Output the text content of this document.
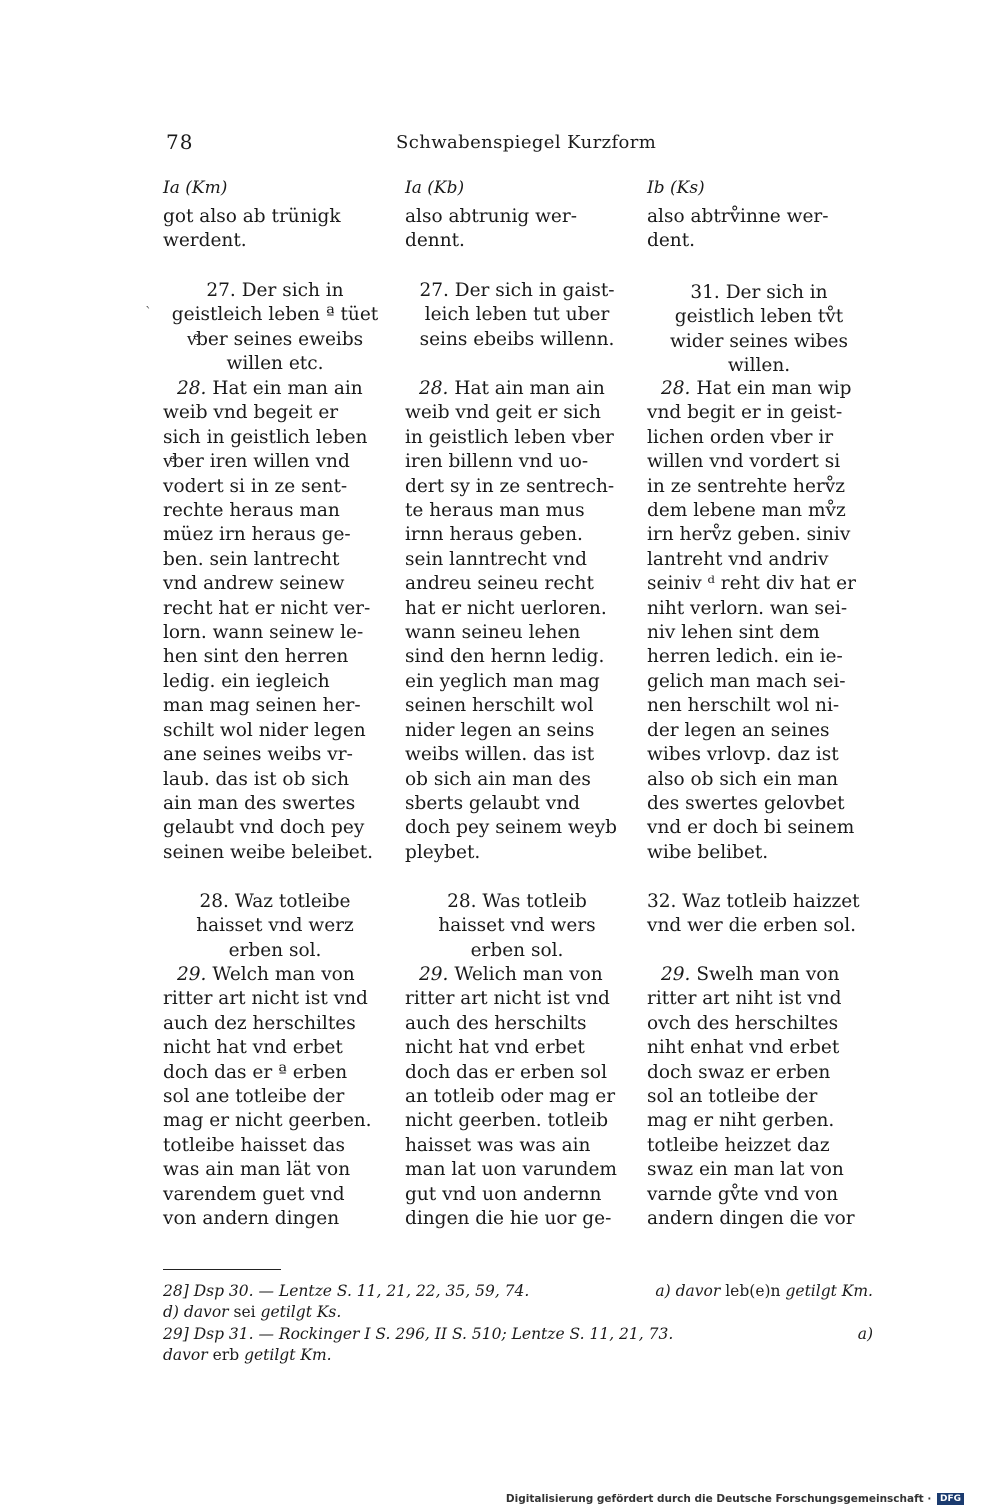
78	Schwabenspiegel Kurzform
ˋ
Ia (Km)
got also ab trünigk
werdent.
27. Der sich in
geistleich leben ª tüet
vͤber seines eweibs
willen etc.
28. Hat ein man ain
weib vnd begeit er
sich in geistlich leben
vͤber iren willen vnd
vodert si in ze sent-
rechte heraus man
müez irn heraus ge-
ben. sein lantrecht
vnd andrew seinew
recht hat er nicht ver-
lorn. wann seinew le-
hen sint den herren
ledig. ein iegleich
man mag seinen her-
schilt wol nider legen
ane seines weibs vr-
laub. das ist ob sich
ain man des swertes
gelaubt vnd doch pey
seinen weibe beleibet.
28. Waz totleibe
haisset vnd werz
erben sol.
29. Welch man von
ritter art nicht ist vnd
auch dez herschiltes
nicht hat vnd erbet
doch das er ª erben
sol ane totleibe der
mag er nicht geerben.
totleibe haisset das
was ain man lät von
varendem guet vnd
von andern dingen
Ia (Kb)
also abtrunig wer-
dennt.
27. Der sich in gaist-
leich leben tut uber
seins ebeibs willenn.
28. Hat ain man ain
weib vnd geit er sich
in geistlich leben vber
iren billenn vnd uo-
dert sy in ze sentrech-
te heraus man mus
irnn heraus geben.
sein lanntrecht vnd
andreu seineu recht
hat er nicht uerloren.
wann seineu lehen
sind den hernn ledig.
ein yeglich man mag
seinen herschilt wol
nider legen an seins
weibs willen. das ist
ob sich ain man des
sberts gelaubt vnd
doch pey seinem weyb
pleybet.
28. Was totleib
haisset vnd wers
erben sol.
29. Welich man von
ritter art nicht ist vnd
auch des herschilts
nicht hat vnd erbet
doch das er erben sol
an totleib oder mag er
nicht geerben. totleib
haisset was was ain
man lat uon varundem
gut vnd uon andernn
dingen die hie uor ge-
Ib (Ks)
also abtrv̊inne wer-
dent.
31. Der sich in
geistlich leben tv̊t
wider seines wibes
willen.
28. Hat ein man wip
vnd begit er in geist-
lichen orden vber ir
willen vnd vordert si
in ze sentrehte herv̊z
dem lebene man mv̊z
irn herv̊z geben. siniv
lantreht vnd andriv
seiniv ᵈ reht div hat er
niht verlorn. wan sei-
niv lehen sint dem
herren ledich. ein ie-
gelich man mach sei-
nen herschilt wol ni-
der legen an seines
wibes vrlovp. daz ist
also ob sich ein man
des swertes gelovbet
vnd er doch bi seinem
wibe belibet.
32. Waz totleib haizzet
vnd wer die erben sol.
29. Swelh man von
ritter art niht ist vnd
ovch des herschiltes
niht enhat vnd erbet
doch swaz er erben
sol an totleibe der
mag er niht gerben.
totleibe heizzet daz
swaz ein man lat von
varnde gv̊te vnd von
andern dingen die vor
a) davor leb(e)n getilgt Km.
28] Dsp 30. — Lentze S. 11, 21, 22, 35, 59, 74.
d) davor sei getilgt Ks.
a)
29] Dsp 31. — Rockinger I S. 296, II S. 510; Lentze S. 11, 21, 73.
davor erb getilgt Km.
Digitalisierung gefördert durch die Deutsche Forschungsgemeinschaft · DFG
